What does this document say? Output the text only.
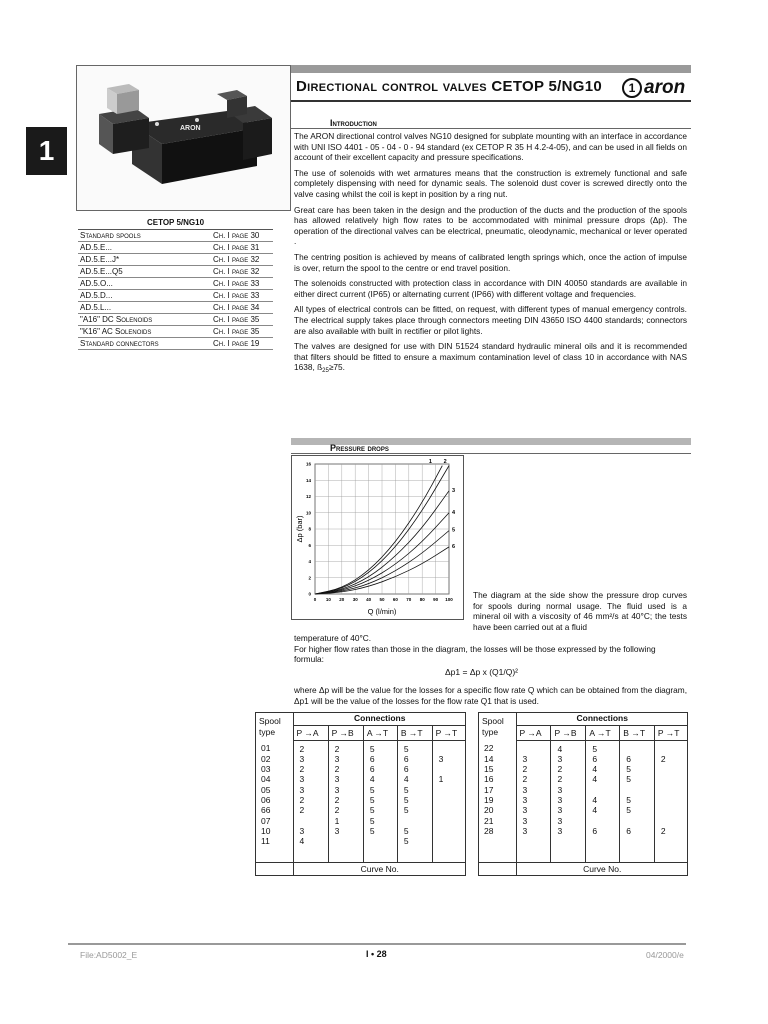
1
ARON
Directional control valves CETOP 5/NG10	1 aron
Introduction

The ARON directional control valves NG10 designed for subplate mounting with an interface in accordance with UNI ISO 4401 - 05 - 04 - 0 - 94 standard (ex CETOP R 35 H 4.2-4-05), and can be used in all fields on account of their excellent capacity and pressure specifications.

The use of solenoids with wet armatures means that the construction is extremely functional and safe completely dispensing with need for dynamic seals. The solenoid dust cover is screwed directly onto the valve casing whilst the coil is kept in position by a ring nut.

Great care has been taken in the design and the production of the ducts and the production of the spools has allowed relatively high flow rates to be accommodated with minimal pressure drops (Δp). The operation of the directional valves can be electrical, pneumatic, oleodynamic, mechanical or lever operated .

The centring position is achieved by means of calibrated length springs which, once the action of impulse is over, return the spool to the centre or end travel position.

The solenoids constructed with protection class in accordance with DIN 40050 standards are available in either direct current (IP65) or alternating current (IP66) with different voltage and frequencies.

All types of electrical controls can be fitted, on request, with different types of manual emergency controls. The electrical supply takes place through connectors meeting DIN 43650 ISO 4400 standards; connectors are also available with built in rectifier or pilot lights.

The valves are designed for use with DIN 51524 standard hydraulic mineral oils and it is recommended that filters should be fitted to ensure a maximum contamination level of class 10 in accordance with NAS 1638, $ß_{25}\ge 75$.

CETOP 5/NG10	
Standard spools	Ch. I page 30
AD.5.E...	Ch. I page 31
AD.5.E...J*	Ch. I page 32
AD.5.E...Q5	Ch. I page 32
AD.5.O...	Ch. I page 33
AD.5.D...	Ch. I page 33
AD.5.L...	Ch. I page 34
"A16" DC Solenoids	Ch. I page 35
"K16" AC Solenoids	Ch. I page 35
Standard connectors	Ch. I page 19
Pressure drops
0 10 20 30 40 50 60 70 80 90 100
0
2
4
6
8
10
12
14
16	1 2
3
4
5
6
Q (l/min)
Δp (bar)
The diagram at the side show the pressure drop curves for spools during normal usage. The fluid used is a mineral oil with a viscosity of 46 mm²/s at 40°C; the tests have been carried out at a fluid
temperature of 40°C.
For higher flow rates than those in the diagram, the losses will be those expressed by the following formula:
Δp1 = Δp x (Q1/Q)²
where Δp will be the value for the losses for a specific flow rate Q which can be obtained from the diagram, Δp1 will be the value of the losses for the flow rate Q1 that is used.
Spool type	Connections				
	P →A	P →B	A →T	B →T	P →T
01	2	2	5	5	
02	3	3	6	6	3
03	2	2	6	6	
04	3	3	4	4	1
05	3	3	5	5	
06	2	2	5	5	
66	2	2	5	5	
07		1	5		
10	3	3	5	5	
11	4			5	

	Curve No.				
Spool type	Connections				
	P →A	P →B	A →T	B →T	P →T
22		4	5		
14	3	3	6	6	2
15	2	2	4	5	
16	2	2	4	5	
17	3	3			
19	3	3	4	5	
20	3	3	4	5	
21	3	3			
28	3	3	6	6	2

	Curve No.				
File:AD5002_E	I • 28	04/2000/e
